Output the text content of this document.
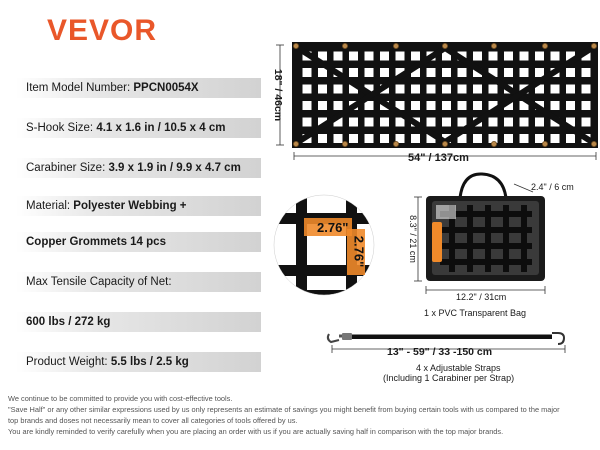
VEVOR
Item Model Number: PPCN0054X
S-Hook Size: 4.1 x 1.6 in / 10.5 x 4 cm
Carabiner Size: 3.9 x 1.9 in / 9.9 x 4.7 cm
Material: Polyester Webbing +
Copper Grommets 14 pcs
Max Tensile Capacity of Net:
600 lbs / 272 kg
Product Weight: 5.5 lbs / 2.5 kg
18" / 46cm
54" / 137cm
2.76"
2.76"
2.4" / 6 cm
8.3" / 21 cm
12.2" / 31cm
1 x PVC Transparent Bag
13" - 59" / 33 -150 cm
4 x Adjustable Straps
(Including 1 Carabiner per Strap)
We continue to be committed to provide you with cost-effective tools.
"Save Half" or any other similar expressions used by us only represents an estimate of savings you might benefit from buying certain tools with us compared to the major
top brands and doses not necessarily mean to cover all categories of tools offered by us.
You are kindly reminded to verify carefully when you are placing an order with us if you are actually saving half in comparison with the top major brands.
